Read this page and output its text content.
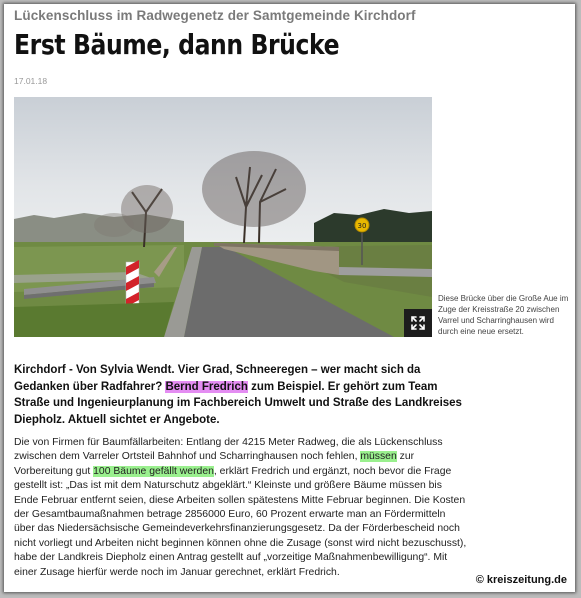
Lückenschluss im Radwegenetz der Samtgemeinde Kirchdorf
Erst Bäume, dann Brücke
17.01.18
30
Diese Brücke über die Große Aue im Zuge der Kreisstraße 20 zwischen Varrel und Scharringhausen wird durch eine neue ersetzt.
Kirchdorf - Von Sylvia Wendt. Vier Grad, Schneeregen – wer macht sich da Gedanken über Radfahrer? Bernd Fredrich zum Beispiel. Er gehört zum Team Straße und Ingenieurplanung im Fachbereich Umwelt und Straße des Landkreises Diepholz. Aktuell sichtet er Angebote.
Die von Firmen für Baumfällarbeiten: Entlang der 4215 Meter Radweg, die als Lückenschluss zwischen dem Varreler Ortsteil Bahnhof und Scharringhausen noch fehlen, müssen zur Vorbereitung gut 100 Bäume gefällt werden, erklärt Fredrich und ergänzt, noch bevor die Frage gestellt ist: „Das ist mit dem Naturschutz abgeklärt.“ Kleinste und größere Bäume müssen bis Ende Februar entfernt seien, diese Arbeiten sollen spätestens Mitte Februar beginnen. Die Kosten der Gesamtbaumaßnahmen betrage 2856000 Euro, 60 Prozent erwarte man an Fördermitteln über das Niedersächsische Gemeindeverkehrsfinanzierungsgesetz. Da der Förderbescheid noch nicht vorliegt und Arbeiten nicht beginnen können ohne die Zusage (sonst wird nicht bezuschusst), habe der Landkreis Diepholz einen Antrag gestellt auf „vorzeitige Maßnahmenbewilligung“. Mit einer Zusage hierfür werde noch im Januar gerechnet, erklärt Fredrich.
© kreiszeitung.de
